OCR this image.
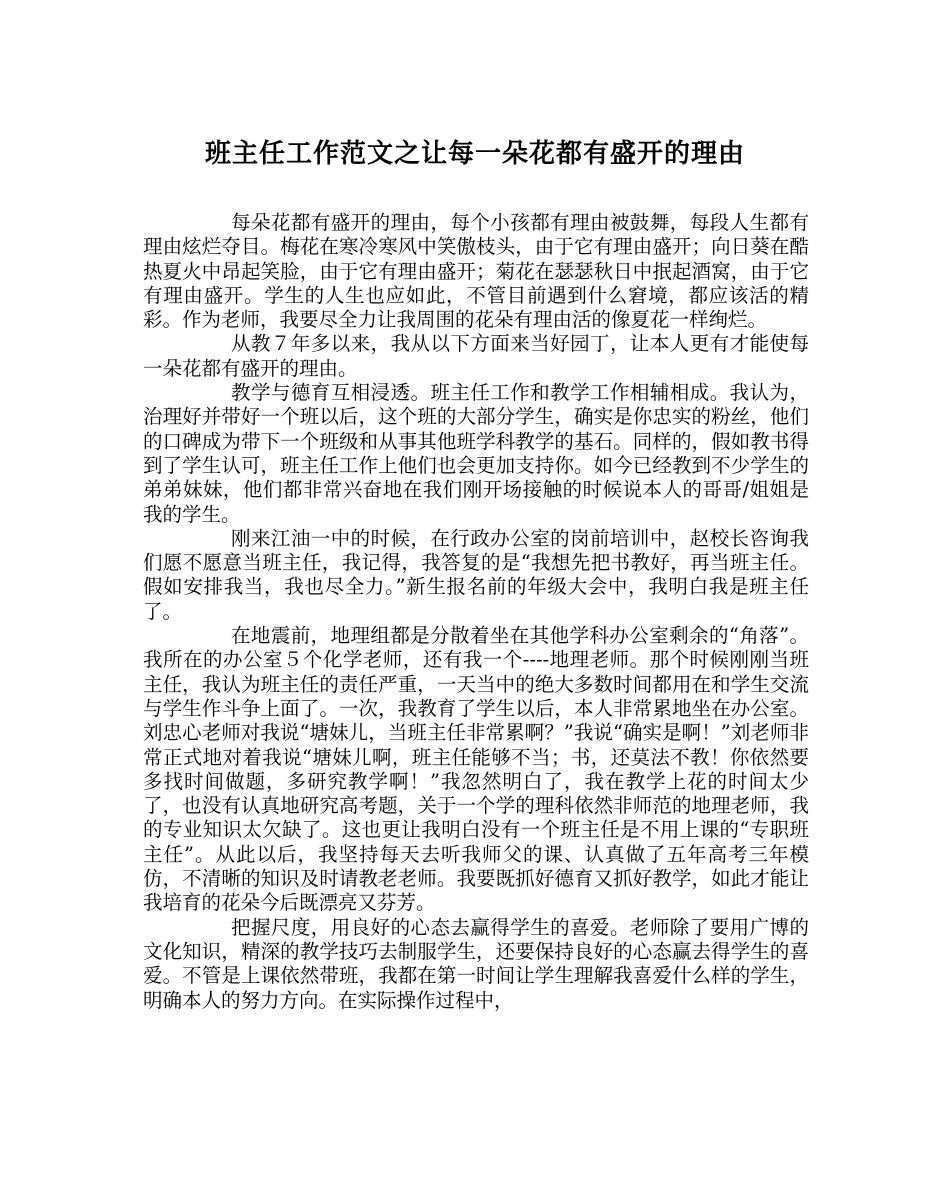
班主任工作范文之让每一朵花都有盛开的理由

每朵花都有盛开的理由，每个小孩都有理由被鼓舞，每段人生都有理由炫烂夺目。梅花在寒冷寒风中笑傲枝头，由于它有理由盛开；向日葵在酷热夏火中昂起笑脸，由于它有理由盛开；菊花在瑟瑟秋日中抿起酒窝，由于它有理由盛开。学生的人生也应如此，不管目前遇到什么窘境，都应该活的精彩。作为老师，我要尽全力让我周围的花朵有理由活的像夏花一样绚烂。

从教７年多以来，我从以下方面来当好园丁，让本人更有才能使每一朵花都有盛开的理由。

教学与德育互相浸透。班主任工作和教学工作相辅相成。我认为，治理好并带好一个班以后，这个班的大部分学生，确实是你忠实的粉丝，他们的口碑成为带下一个班级和从事其他班学科教学的基石。同样的，假如教书得到了学生认可，班主任工作上他们也会更加支持你。如今已经教到不少学生的弟弟妹妹，他们都非常兴奋地在我们刚开场接触的时候说本人的哥哥/姐姐是我的学生。

刚来江油一中的时候，在行政办公室的岗前培训中，赵校长咨询我们愿不愿意当班主任，我记得，我答复的是“我想先把书教好，再当班主任。假如安排我当，我也尽全力。”新生报名前的年级大会中，我明白我是班主任了。

在地震前，地理组都是分散着坐在其他学科办公室剩余的“角落”。我所在的办公室５个化学老师，还有我一个----地理老师。那个时候刚刚当班主任，我认为班主任的责任严重，一天当中的绝大多数时间都用在和学生交流与学生作斗争上面了。一次，我教育了学生以后，本人非常累地坐在办公室。刘忠心老师对我说“塘妹儿，当班主任非常累啊？”我说“确实是啊！”刘老师非常正式地对着我说“塘妹儿啊，班主任能够不当；书，还莫法不教！你依然要多找时间做题，多研究教学啊！”我忽然明白了，我在教学上花的时间太少了，也没有认真地研究高考题，关于一个学的理科依然非师范的地理老师，我的专业知识太欠缺了。这也更让我明白没有一个班主任是不用上课的“专职班主任”。从此以后，我坚持每天去听我师父的课、认真做了五年高考三年模仿，不清晰的知识及时请教老老师。我要既抓好德育又抓好教学，如此才能让我培育的花朵今后既漂亮又芬芳。

把握尺度，用良好的心态去赢得学生的喜爱。老师除了要用广博的文化知识，精深的教学技巧去制服学生，还要保持良好的心态赢去得学生的喜爱。不管是上课依然带班，我都在第一时间让学生理解我喜爱什么样的学生，明确本人的努力方向。在实际操作过程中，
